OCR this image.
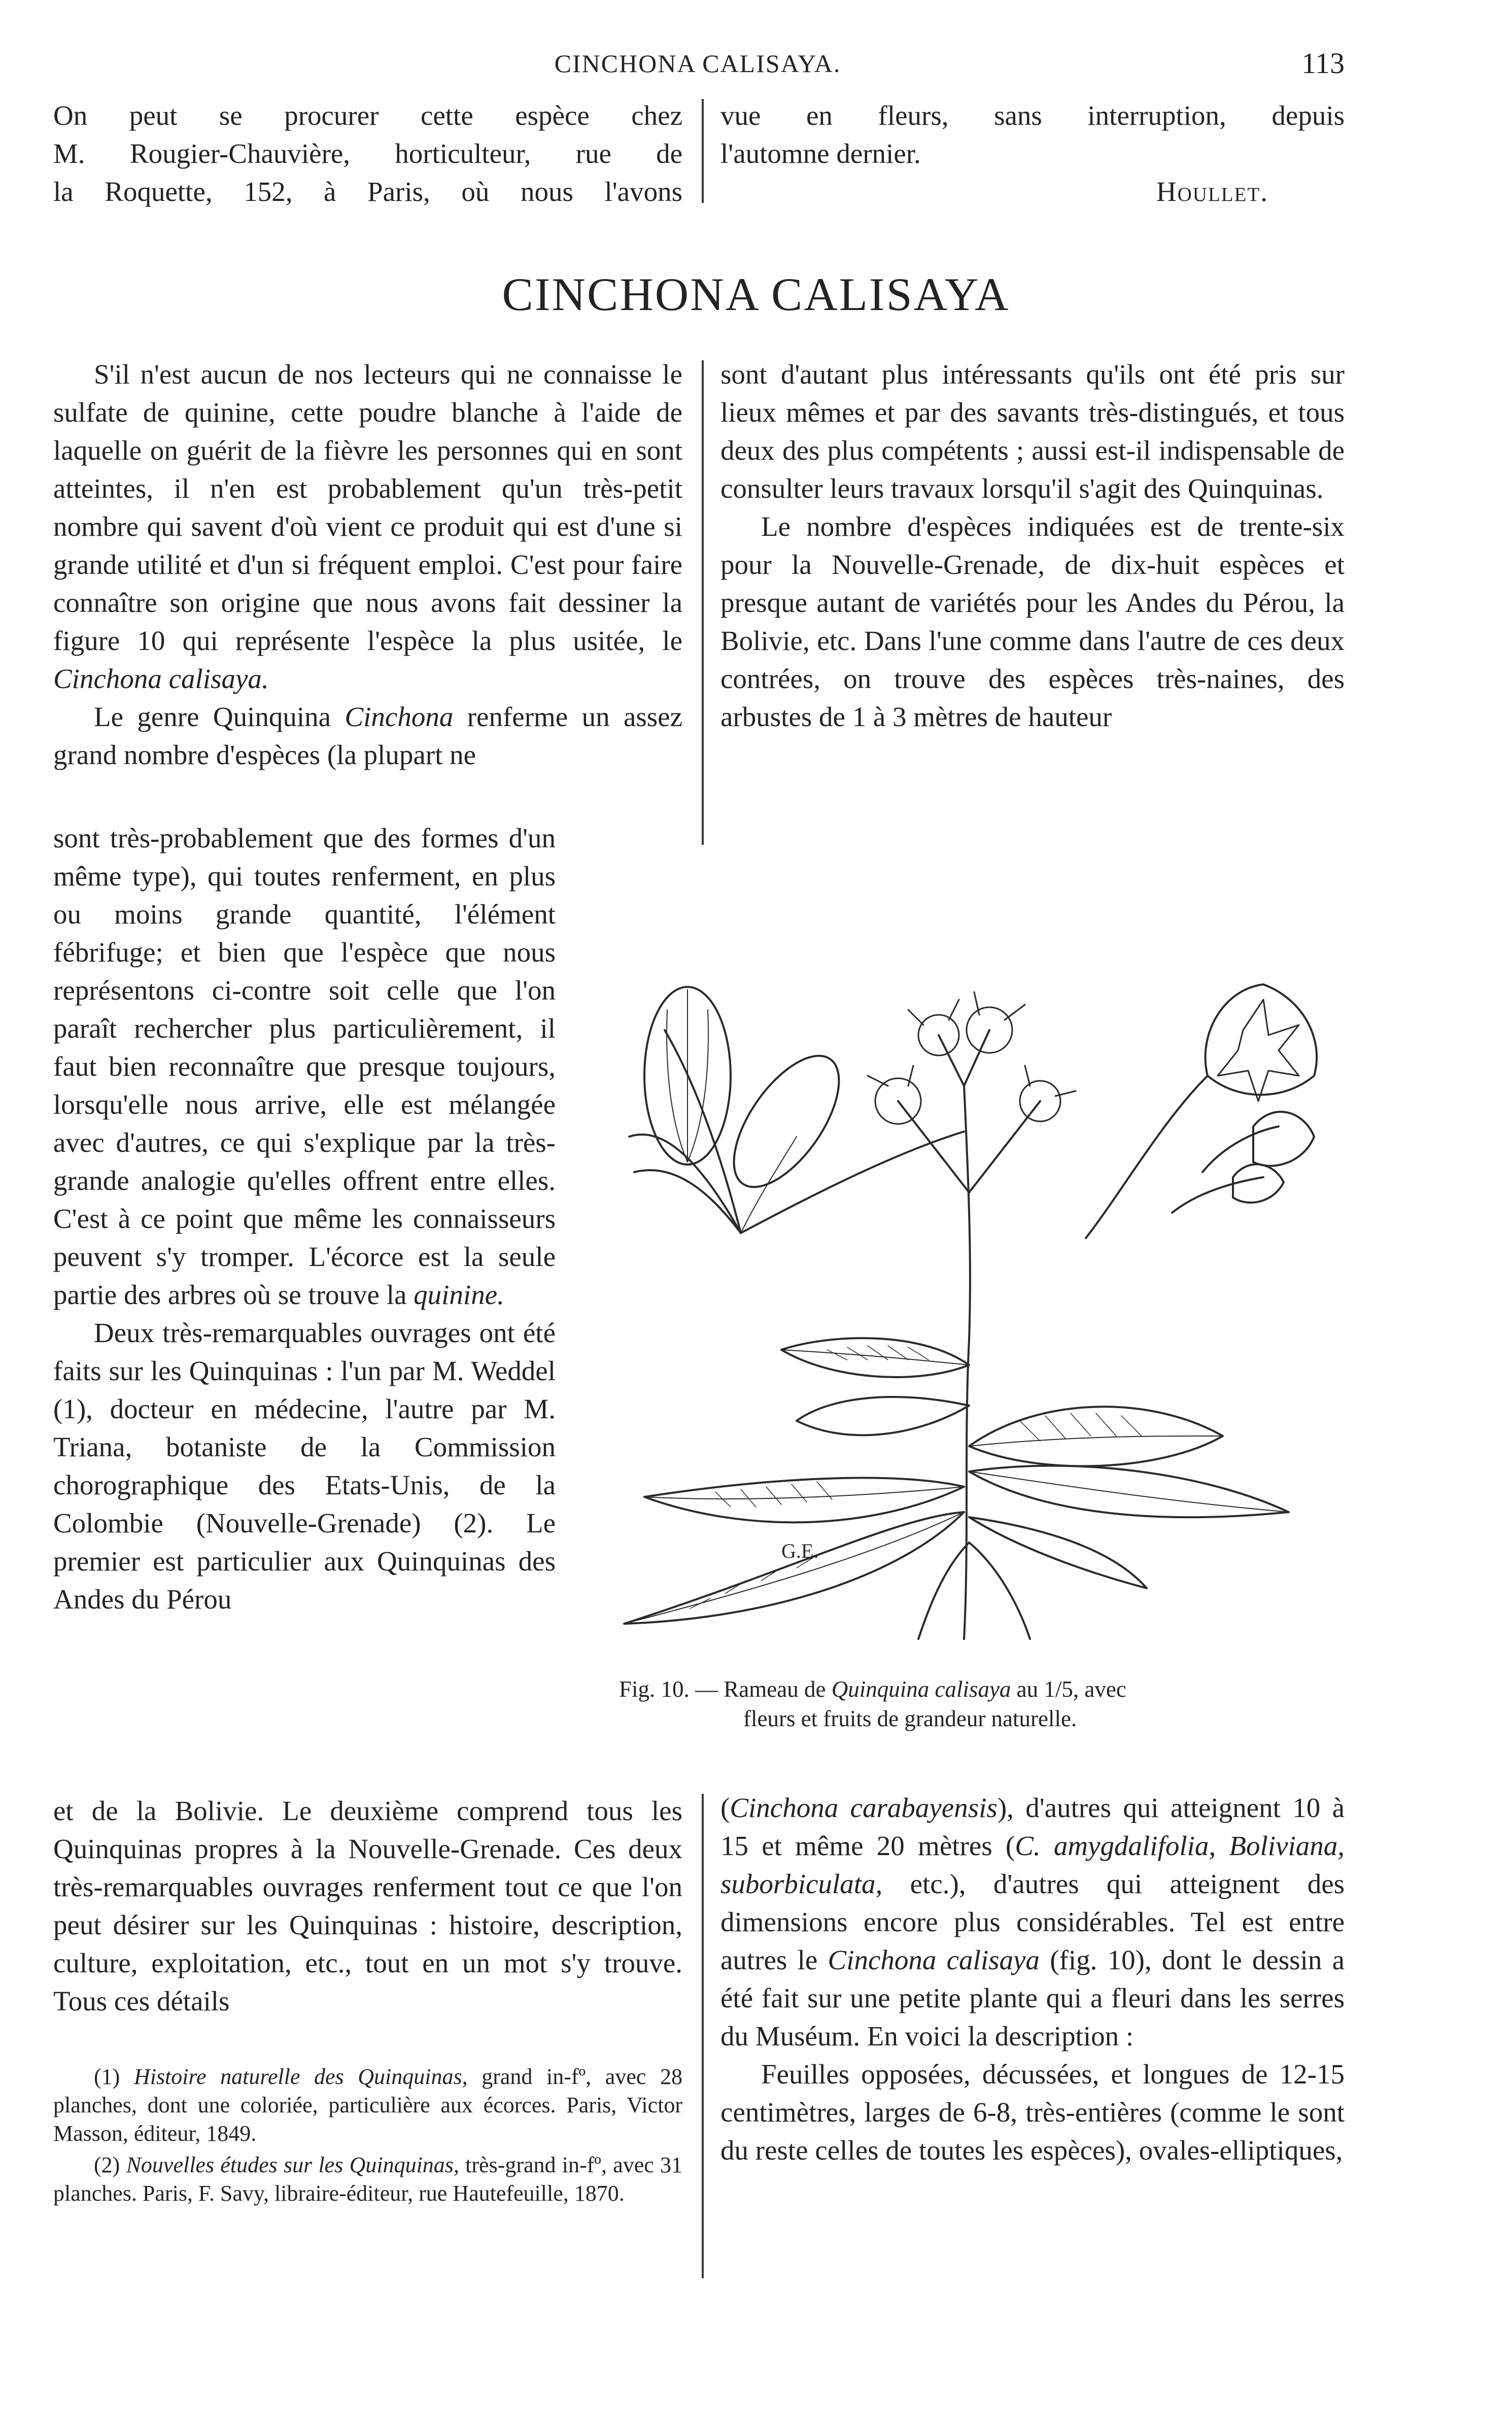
CINCHONA CALISAYA.	113
On peut se procurer cette espèce chez
M. Rougier-Chauvière, horticulteur, rue de
la Roquette, 152, à Paris, où nous l'avons
vue en fleurs, sans interruption, depuis
l'automne dernier.
Houllet.
CINCHONA CALISAYA

S'il n'est aucun de nos lecteurs qui ne connaisse le sulfate de quinine, cette poudre blanche à l'aide de laquelle on guérit de la fièvre les personnes qui en sont atteintes, il n'en est probablement qu'un très-petit nombre qui savent d'où vient ce produit qui est d'une si grande utilité et d'un si fréquent emploi. C'est pour faire connaître son origine que nous avons fait dessiner la figure 10 qui représente l'espèce la plus usitée, le Cinchona calisaya.

Le genre Quinquina Cinchona renferme un assez grand nombre d'espèces (la plupart ne

sont très-probablement que des formes d'un même type), qui toutes renferment, en plus ou moins grande quantité, l'élément fébrifuge; et bien que l'espèce que nous représentons ci-contre soit celle que l'on paraît rechercher plus particulièrement, il faut bien reconnaître que presque toujours, lorsqu'elle nous arrive, elle est mélangée avec d'autres, ce qui s'explique par la très-grande analogie qu'elles offrent entre elles. C'est à ce point que même les connaisseurs peuvent s'y tromper. L'écorce est la seule partie des arbres où se trouve la quinine.

Deux très-remarquables ouvrages ont été faits sur les Quinquinas : l'un par M. Weddel (1), docteur en médecine, l'autre par M. Triana, botaniste de la Commission chorographique des Etats-Unis, de la Colombie (Nouvelle-Grenade) (2). Le premier est particulier aux Quinquinas des Andes du Pérou

et de la Bolivie. Le deuxième comprend tous les Quinquinas propres à la Nouvelle-Grenade. Ces deux très-remarquables ouvrages renferment tout ce que l'on peut désirer sur les Quinquinas : histoire, description, culture, exploitation, etc., tout en un mot s'y trouve. Tous ces détails

sont d'autant plus intéressants qu'ils ont été pris sur lieux mêmes et par des savants très-distingués, et tous deux des plus compétents ; aussi est-il indispensable de consulter leurs travaux lorsqu'il s'agit des Quinquinas.

Le nombre d'espèces indiquées est de trente-six pour la Nouvelle-Grenade, de dix-huit espèces et presque autant de variétés pour les Andes du Pérou, la Bolivie, etc. Dans l'une comme dans l'autre de ces deux contrées, on trouve des espèces très-naines, des arbustes de 1 à 3 mètres de hauteur

G.E.
Fig. 10. — Rameau de Quinquina calisaya au 1/5, avec
fleurs et fruits de grandeur naturelle.

(Cinchona carabayensis), d'autres qui atteignent 10 à 15 et même 20 mètres (C. amygdalifolia, Boliviana, suborbiculata, etc.), d'autres qui atteignent des dimensions encore plus considérables. Tel est entre autres le Cinchona calisaya (fig. 10), dont le dessin a été fait sur une petite plante qui a fleuri dans les serres du Muséum. En voici la description :

Feuilles opposées, décussées, et longues de 12-15 centimètres, larges de 6-8, très-entières (comme le sont du reste celles de toutes les espèces), ovales-elliptiques,

(1) Histoire naturelle des Quinquinas, grand in-fº, avec 28 planches, dont une coloriée, particulière aux écorces. Paris, Victor Masson, éditeur, 1849.

(2) Nouvelles études sur les Quinquinas, très-grand in-fº, avec 31 planches. Paris, F. Savy, libraire-éditeur, rue Hautefeuille, 1870.
